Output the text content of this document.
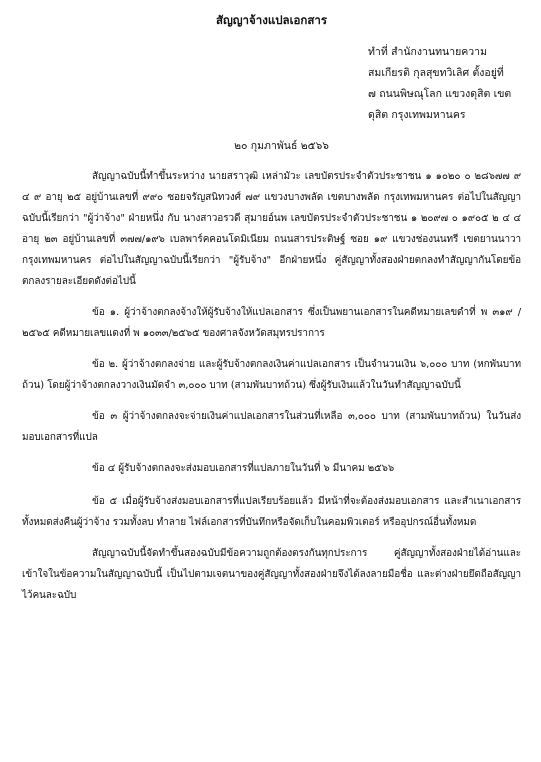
สัญญาจ้างแปลเอกสาร
ทำที่ สำนักงานทนายความ
สมเกียรติ กุลสุขทวิเลิศ ตั้งอยู่ที่
๗ ถนนพิษณุโลก แขวงดุสิต เขต
ดุสิต กรุงเทพมหานคร
๒๐ กุมภาพันธ์ ๒๕๖๖

สัญญาฉบับนี้ทำขึ้นระหว่าง นายสราวุฒิ เหล่ามัวะ เลขบัตรประจำตัวประชาชน ๑ ๑๐๒๐ ๐ ๒๘๖๗๗ ๙ ๔ ๙ อายุ ๒๕ อยู่บ้านเลขที่ ๙๙๐ ซอยจรัญสนิทวงศ์ ๗๙ แขวงบางพลัด เขตบางพลัด กรุงเทพมหานคร ต่อไปในสัญญาฉบับนี้เรียกว่า "ผู้ว่าจ้าง" ฝ่ายหนึ่ง กับ นางสาวอรวดี สุมายอ์นพ เลขบัตรประจำตัวประชาชน ๑ ๒๐๙๗ ๐ ๑๙๐๕ ๒ ๔ ๔ อายุ ๒๓ อยู่บ้านเลขที่ ๓๗๗/๑๙๖ เบลพาร์คคอนโดมิเนียม ถนนสารประดิษฐ์ ซอย ๑๙ แขวงช่องนนทรี เขตยานนาวา กรุงเทพมหานคร ต่อไปในสัญญาฉบับนี้เรียกว่า "ผู้รับจ้าง" อีกฝ่ายหนึ่ง คู่สัญญาทั้งสองฝ่ายตกลงทำสัญญากันโดยข้อตกลงรายละเอียดดังต่อไปนี้

ข้อ ๑. ผู้ว่าจ้างตกลงจ้างให้ผู้รับจ้างให้แปลเอกสาร ซึ่งเป็นพยานเอกสารในคดีหมายเลขดำที่ พ ๓๑๙ /๒๕๖๕ คดีหมายเลขแดงที่ พ ๑๐๓๓/๒๕๖๕ ของศาลจังหวัดสมุทรปราการ

ข้อ ๒. ผู้ว่าจ้างตกลงจ่าย และผู้รับจ้างตกลงเงินค่าแปลเอกสาร เป็นจำนวนเงิน ๖,๐๐๐ บาท (หกพันบาทถ้วน) โดยผู้ว่าจ้างตกลงวางเงินมัดจำ ๓,๐๐๐ บาท (สามพันบาทถ้วน) ซึ่งผู้รับเงินแล้วในวันทำสัญญาฉบับนี้

ข้อ ๓ ผู้ว่าจ้างตกลงจะจ่ายเงินค่าแปลเอกสารในส่วนที่เหลือ ๓,๐๐๐ บาท (สามพันบาทถ้วน) ในวันส่งมอบเอกสารที่แปล

ข้อ ๔ ผู้รับจ้างตกลงจะส่งมอบเอกสารที่แปลภายในวันที่ ๖ มีนาคม ๒๕๖๖

ข้อ ๕ เมื่อผู้รับจ้างส่งมอบเอกสารที่แปลเรียบร้อยแล้ว มีหน้าที่จะต้องส่งมอบเอกสาร และสำเนาเอกสารทั้งหมดส่งคืนผู้ว่าจ้าง รวมทั้งลบ ทำลาย ไฟล์เอกสารที่บันทึกหรือจัดเก็บในคอมพิวเตอร์ หรืออุปกรณ์อื่นทั้งหมด

สัญญาฉบับนี้จัดทำขึ้นสองฉบับมีข้อความถูกต้องตรงกันทุกประการ คู่สัญญาทั้งสองฝ่ายได้อ่านและเข้าใจในข้อความในสัญญาฉบับนี้ เป็นไปตามเจตนาของคู่สัญญาทั้งสองฝ่ายจึงได้ลงลายมือชื่อ และต่างฝ่ายยึดถือสัญญาไว้คนละฉบับ
